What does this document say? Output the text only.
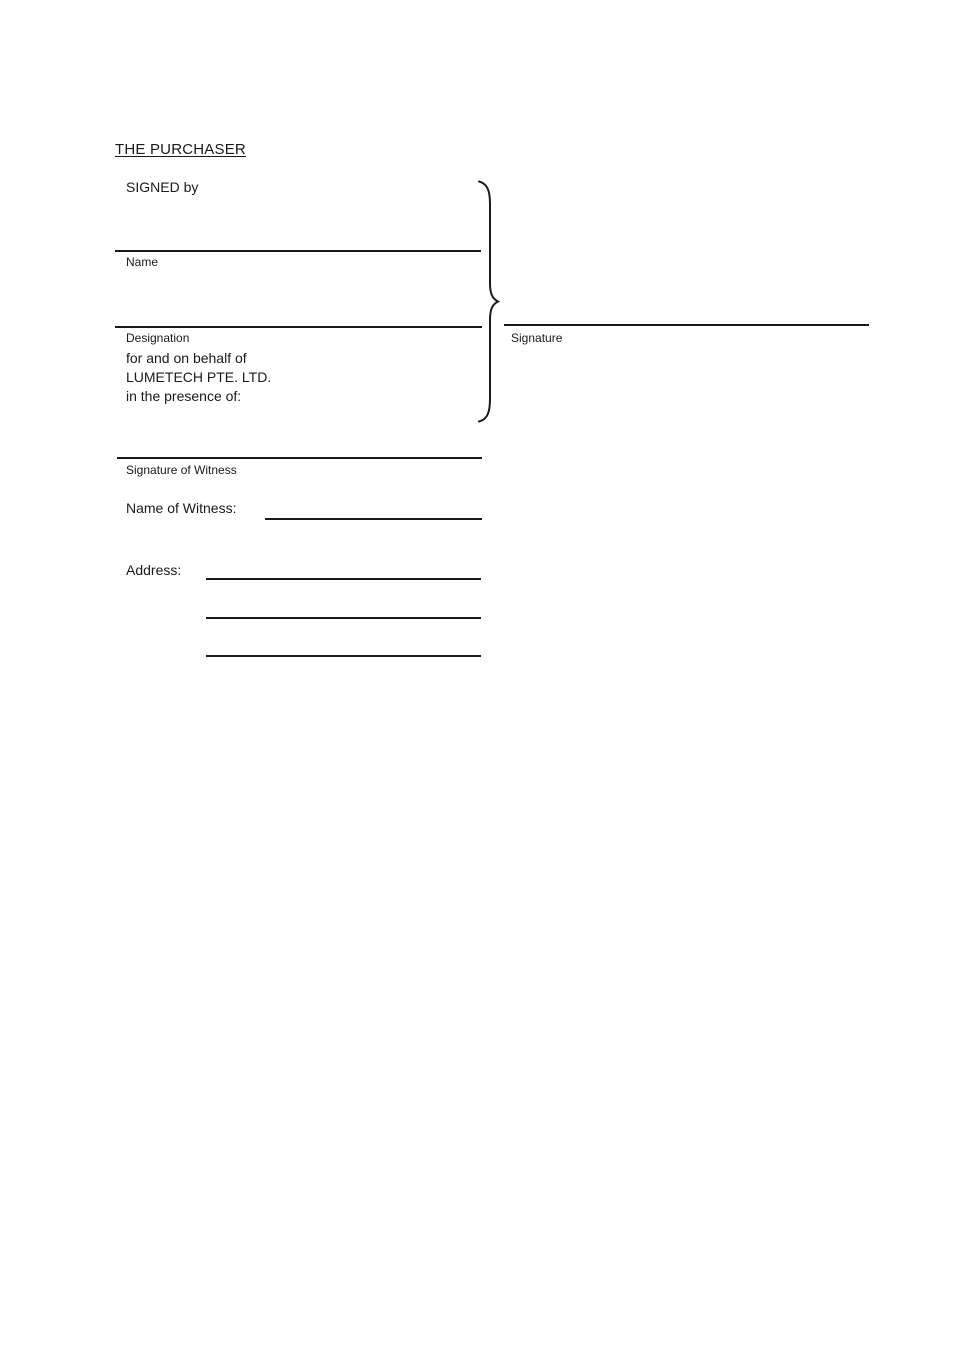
THE PURCHASER
SIGNED by
Name
Designation
for and on behalf of
LUMETECH PTE. LTD.
in the presence of:
Signature
Signature of Witness
Name of Witness:
Address:
